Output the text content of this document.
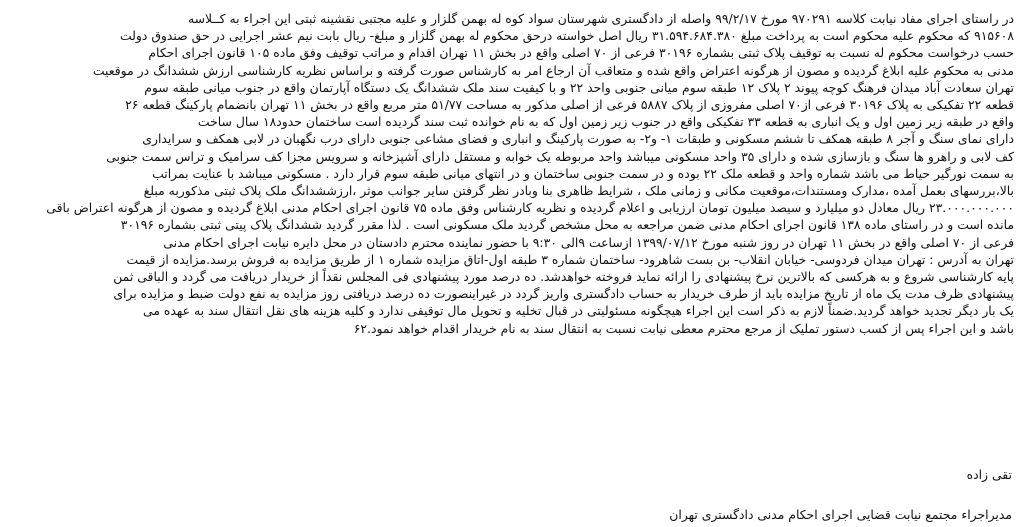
در راستای اجرای مفاد نیابت کلاسه ۹۷۰۲۹۱ مورخ ۹۹/۲/۱۷ واصله از دادگستری شهرستان سواد کوه له بهمن گلزار و علیه مجتبی نقشینه ثبتی این اجراء به کــلاسه
۹۱۵۶۰۸ که محکوم علیه محکوم است به پرداخت مبلغ ۳۱.۵۹۴.۶۸۴.۳۸۰ ریال اصل خواسته درحق محکوم له بهمن گلزار و مبلغ- ریال بابت نیم عشر اجرایی در حق صندوق دولت
حسب درخواست محکوم له نسبت به توقیف پلاک ثبتی بشماره ۳۰۱۹۶ فرعی از ۷۰ اصلی واقع در بخش ۱۱ تهران اقدام و مراتب توقیف وفق ماده ۱۰۵ قانون اجرای احکام
مدنی به محکوم علیه ابلاغ گردیده و مصون از هرگونه اعتراض واقع شده و متعاقب آن ارجاع امر به کارشناس صورت گرفته و براساس نظریه کارشناسی ارزش ششدانگ در موقعیت
تهران سعادت آباد میدان فرهنگ کوچه پیوند ۲ پلاک ۱۲ طبقه سوم میانی جنوبی واحد ۲۲ و با کیفیت سند ملک ششدانگ یک دستگاه آپارتمان واقع در جنوب میانی طبقه سوم
قطعه ۲۲ تفکیکی به پلاک ۳۰۱۹۶ فرعی از۷۰ اصلی مفروزی از پلاک ۵۸۸۷ فرعی از اصلی مذکور به مساحت ۵۱/۷۷ متر مربع واقع در بخش ۱۱ تهران بانضمام پارکینگ قطعه ۲۶
واقع در طبقه زیر زمین اول و یک انباری به قطعه ۳۳ تفکیکی واقع در جنوب زیر زمین اول که به نام خوانده ثبت سند گردیده است ساختمان حدود۱۸ سال ساخت
دارای نمای سنگ و آجر ۸ طبقه همکف تا ششم مسکونی و طبقات ۱- و۲- به صورت پارکینگ و انباری و فضای مشاعی جنوبی دارای درب نگهبان در لابی همکف و سرایداری
کف لابی و راهرو ها سنگ و بازسازی شده و دارای ۳۵ واحد مسکونی میباشد واحد مربوطه یک خوابه و مستقل دارای آشپزخانه و سرویس مجزا کف سرامیک و تراس سمت جنوبی
به سمت نورگیر حیاط می باشد شماره واحد و قطعه ملک ۲۲ بوده و در سمت جنوبی ساختمان و در انتهای میانی طبقه سوم قرار دارد . مسکونی میباشد با عنایت بمراتب
بالا،بررسهای بعمل آمده ،مدارک ومستندات،موقعیت مکانی و زمانی ملک ، شرایط ظاهری بنا وبادر نظر گرفتن سایر جوانب موثر ،ارزششدانگ ملک پلاک ثبتی مذکوربه مبلغ
۲۳.۰۰۰.۰۰۰.۰۰۰ ریال معادل دو میلیارد و سیصد میلیون تومان ارزیابی و اعلام گردیده و نظریه کارشناس وفق ماده ۷۵ قانون اجرای احکام مدنی ابلاغ گردیده و مصون از هرگونه اعتراض باقی
مانده است و در راستای ماده ۱۳۸ قانون اجرای احکام مدنی ضمن مراجعه به محل مشخص گردید ملک مسکونی است . لذا مقرر گردید ششدانگ پلاک پیتی ثبتی بشماره ۳۰۱۹۶
فرعی از ۷۰ اصلی واقع در بخش ۱۱ تهران در روز شنبه مورخ ۱۳۹۹/۰۷/۱۲ ازساعت ۹الی ۹:۳۰ با حضور نماینده محترم دادستان در محل دایره نیابت اجرای احکام مدنی
تهران به آدرس : تهران میدان فردوسی- خیابان انقلاب- بن بست شاهرود- ساختمان شماره ۳ طبقه اول-اتاق مزایده شماره ۱ از طریق مزایده به فروش برسد.مزایده از قیمت
پایه کارشناسی شروع و به هرکسی که بالاترین نرخ پیشنهادی را ارائه نماید فروخته خواهدشد. ده درصد مورد پیشنهادی فی المجلس نقداً از خریدار دریافت می گردد و الباقی ثمن
پیشنهادی ظرف مدت یک ماه از تاریخ مزایده باید از طرف خریدار به حساب دادگستری واریز گردد در غیراینصورت ده درصد دریافتی روز مزایده به نفع دولت ضبط و مزایده برای
یک بار دیگر تجدید خواهد گردید.ضمناً لازم به ذکر است این اجراء هیچگونه مسئولیتی در قبال تخلیه و تحویل مال توقیفی ندارد و کلیه هزینه های نقل انتقال سند به عهده می
باشد و این اجراء پس از کسب دستور تملیک از مرجع محترم معطی نیابت نسبت به انتقال سند به نام خریدار اقدام خواهد نمود.۶۲
تقی زاده
مدیراجراء مجتمع نیابت قضایی اجرای احکام مدنی دادگستری تهران
